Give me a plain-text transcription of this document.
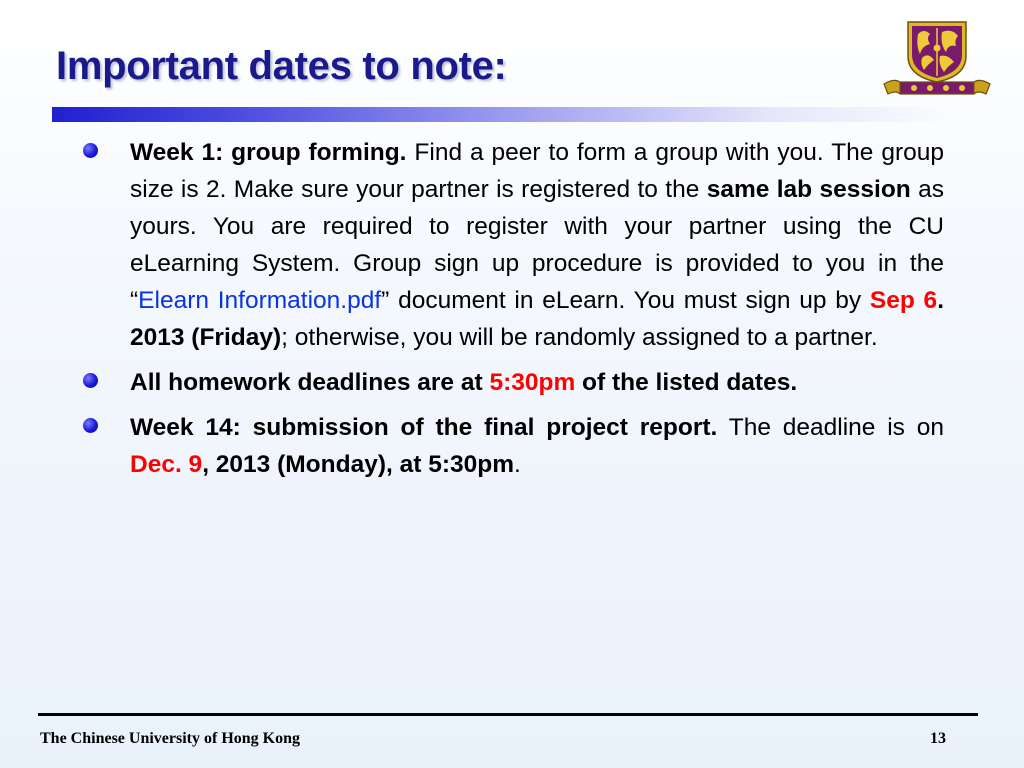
Important dates to note:
Week 1: group forming. Find a peer to form a group with you. The group size is 2. Make sure your partner is registered to the same lab session as yours. You are required to register with your partner using the CU eLearning System. Group sign up procedure is provided to you in the “Elearn Information.pdf” document in eLearn. You must sign up by Sep 6. 2013 (Friday); otherwise, you will be randomly assigned to a partner.
All homework deadlines are at 5:30pm of the listed dates.
Week 14: submission of the final project report. The deadline is on Dec. 9, 2013 (Monday), at 5:30pm.
The Chinese University of Hong Kong	13
